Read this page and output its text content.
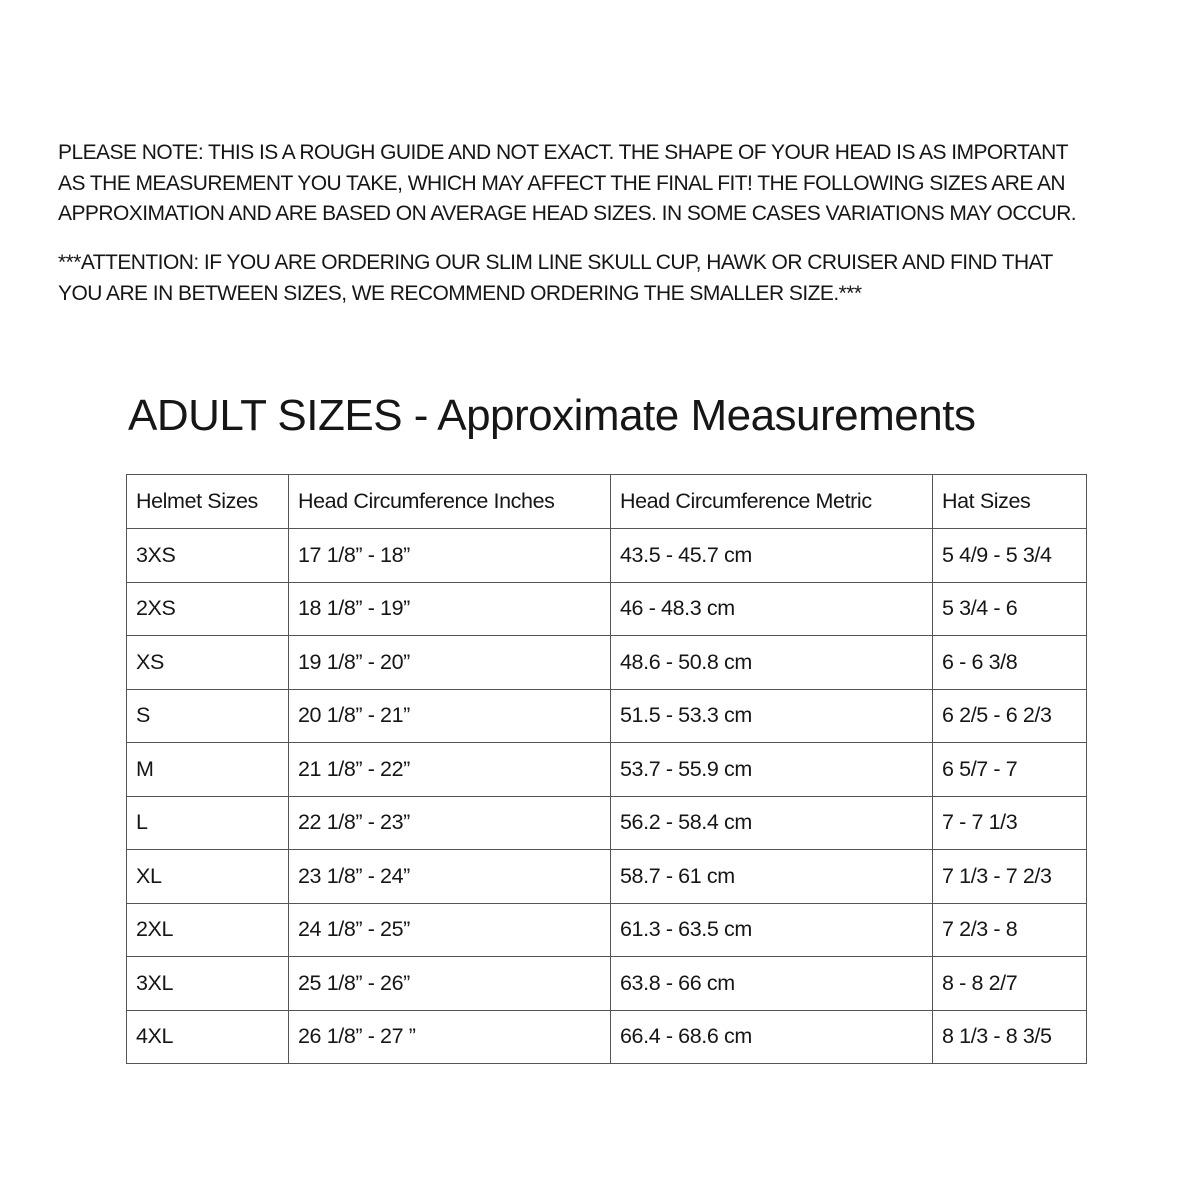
PLEASE NOTE: THIS IS A ROUGH GUIDE AND NOT EXACT. THE SHAPE OF YOUR HEAD IS AS IMPORTANT

AS THE MEASUREMENT YOU TAKE, WHICH MAY AFFECT THE FINAL FIT! THE FOLLOWING SIZES ARE AN

APPROXIMATION AND ARE BASED ON AVERAGE HEAD SIZES. IN SOME CASES VARIATIONS MAY OCCUR.

***ATTENTION: IF YOU ARE ORDERING OUR SLIM LINE SKULL CUP, HAWK OR CRUISER AND FIND THAT

YOU ARE IN BETWEEN SIZES, WE RECOMMEND ORDERING THE SMALLER SIZE.***

ADULT SIZES - Approximate Measurements
Helmet Sizes	Head Circumference Inches	Head Circumference Metric	Hat Sizes
3XS	17 1/8” - 18”	43.5 - 45.7 cm	5 4/9 - 5 3/4
2XS	18 1/8” - 19”	46 - 48.3 cm	5 3/4 - 6
XS	19 1/8” - 20”	48.6 - 50.8 cm	6 - 6 3/8
S	20 1/8” - 21”	51.5 - 53.3 cm	6 2/5 - 6 2/3
M	21 1/8” - 22”	53.7 - 55.9 cm	6 5/7 - 7
L	22 1/8” - 23”	56.2 - 58.4 cm	7 - 7 1/3
XL	23 1/8” - 24”	58.7 - 61 cm	7 1/3 - 7 2/3
2XL	24 1/8” - 25”	61.3 - 63.5 cm	7 2/3 - 8
3XL	25 1/8” - 26”	63.8 - 66 cm	8 - 8 2/7
4XL	26 1/8” - 27 ”	66.4 - 68.6 cm	8 1/3 - 8 3/5
